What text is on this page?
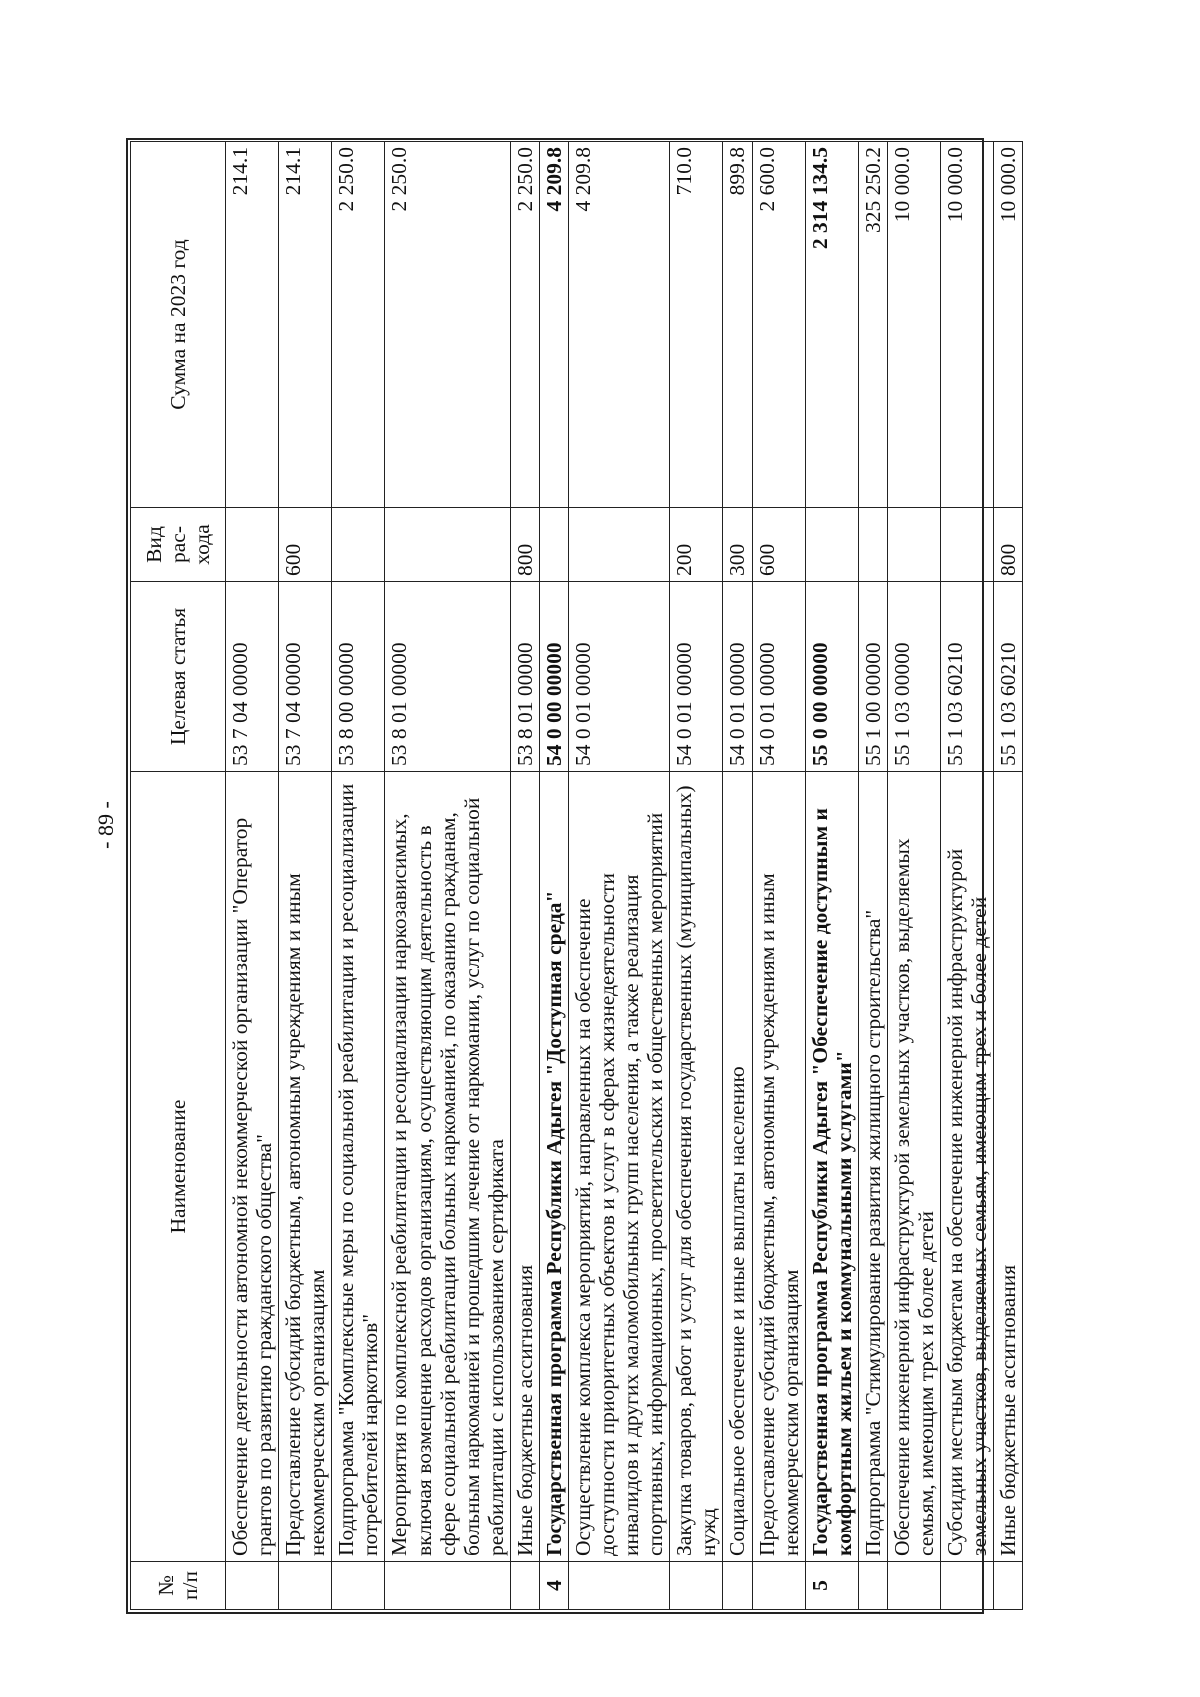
- 89 -
№ п/п	Наименование	Целевая статья	Вид рас- хода	Сумма на 2023 год
	Обеспечение деятельности автономной некоммерческой организации "Оператор грантов по развитию гражданского общества"	53 7 04 00000		214.1
	Предоставление субсидий бюджетным, автономным учреждениям и иным некоммерческим организациям	53 7 04 00000	600	214.1
	Подпрограмма "Комплексные меры по социальной реабилитации и ресоциализации потребителей наркотиков"	53 8 00 00000		2 250.0
	Мероприятия по комплексной реабилитации и ресоциализации наркозависимых, включая возмещение расходов организациям, осуществляющим деятельность в сфере социальной реабилитации больных наркоманией, по оказанию гражданам, больным наркоманией и прошедшим лечение от наркомании, услуг по социальной реабилитации с использованием сертификата	53 8 01 00000		2 250.0
	Иные бюджетные ассигнования	53 8 01 00000	800	2 250.0
4	Государственная программа Республики Адыгея "Доступная среда"	54 0 00 00000		4 209.8
	Осуществление комплекса мероприятий, направленных на обеспечение доступности приоритетных объектов и услуг в сферах жизнедеятельности инвалидов и других маломобильных групп населения, а также реализация спортивных, информационных, просветительских и общественных мероприятий	54 0 01 00000		4 209.8
	Закупка товаров, работ и услуг для обеспечения государственных (муниципальных) нужд	54 0 01 00000	200	710.0
	Социальное обеспечение и иные выплаты населению	54 0 01 00000	300	899.8
	Предоставление субсидий бюджетным, автономным учреждениям и иным некоммерческим организациям	54 0 01 00000	600	2 600.0
5	Государственная программа Республики Адыгея "Обеспечение доступным и комфортным жильем и коммунальными услугами"	55 0 00 00000		2 314 134.5
	Подпрограмма "Стимулирование развития жилищного строительства"	55 1 00 00000		325 250.2
	Обеспечение инженерной инфраструктурой земельных участков, выделяемых семьям, имеющим трех и более детей	55 1 03 00000		10 000.0
	Субсидии местным бюджетам на обеспечение инженерной инфраструктурой земельных участков, выделяемых семьям, имеющим трех и более детей	55 1 03 60210		10 000.0
	Иные бюджетные ассигнования	55 1 03 60210	800	10 000.0
